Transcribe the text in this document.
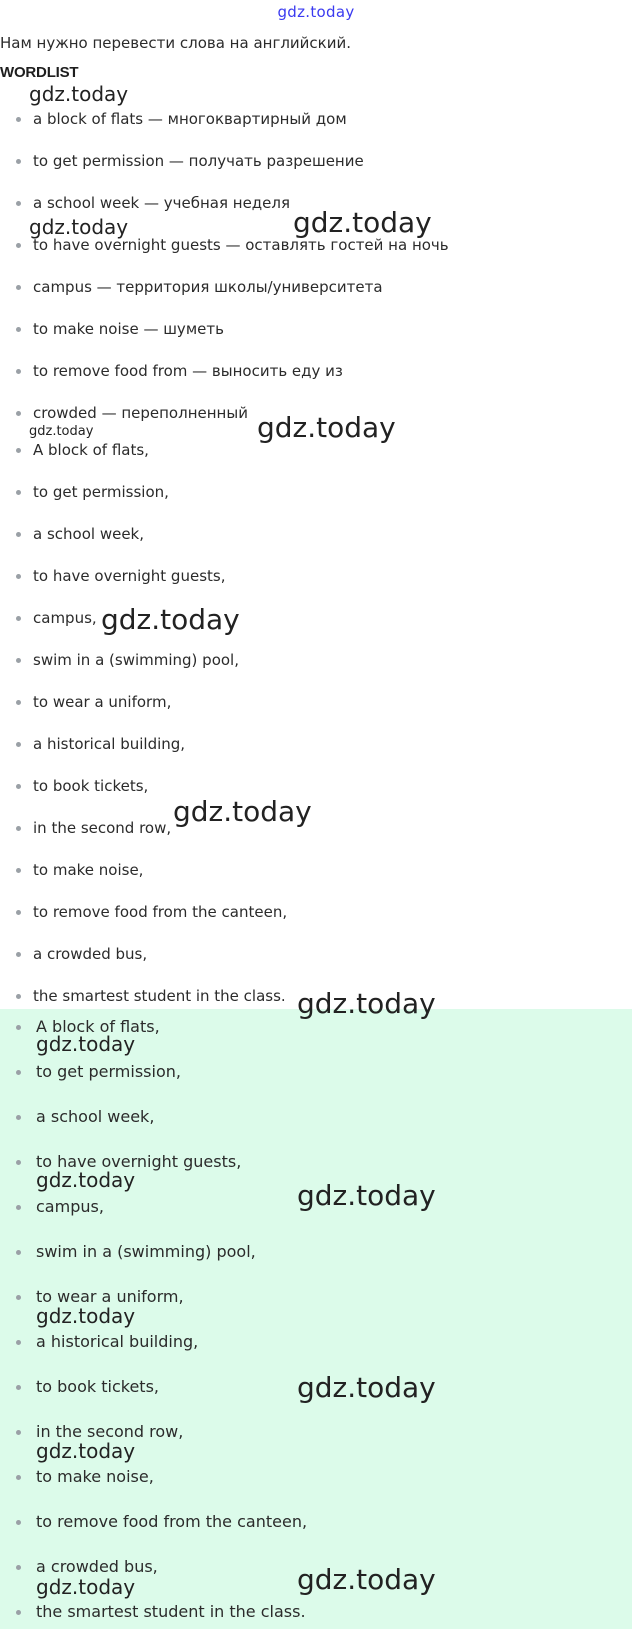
gdz.today
Нам нужно перевести слова на английский.
WORDLIST
a block of flats — многоквартирный дом
to get permission — получать разрешение
a school week — учебная неделя
to have overnight guests — оставлять гостей на ночь
campus — территория школы/университета
to make noise — шуметь
to remove food from — выносить еду из
crowded — переполненный
A block of flats,
to get permission,
a school week,
to have overnight guests,
campus,
swim in a (swimming) pool,
to wear a uniform,
a historical building,
to book tickets,
in the second row,
to make noise,
to remove food from the canteen,
a crowded bus,
the smartest student in the class.
A block of flats,
to get permission,
a school week,
to have overnight guests,
campus,
swim in a (swimming) pool,
to wear a uniform,
a historical building,
to book tickets,
in the second row,
to make noise,
to remove food from the canteen,
a crowded bus,
the smartest student in the class.
gdz.today
gdz.today	gdz.today
gdz.today	gdz.today
gdz.today
gdz.today
gdz.today
gdz.today
gdz.today	gdz.today
gdz.today
gdz.today
gdz.today
gdz.today	gdz.today
